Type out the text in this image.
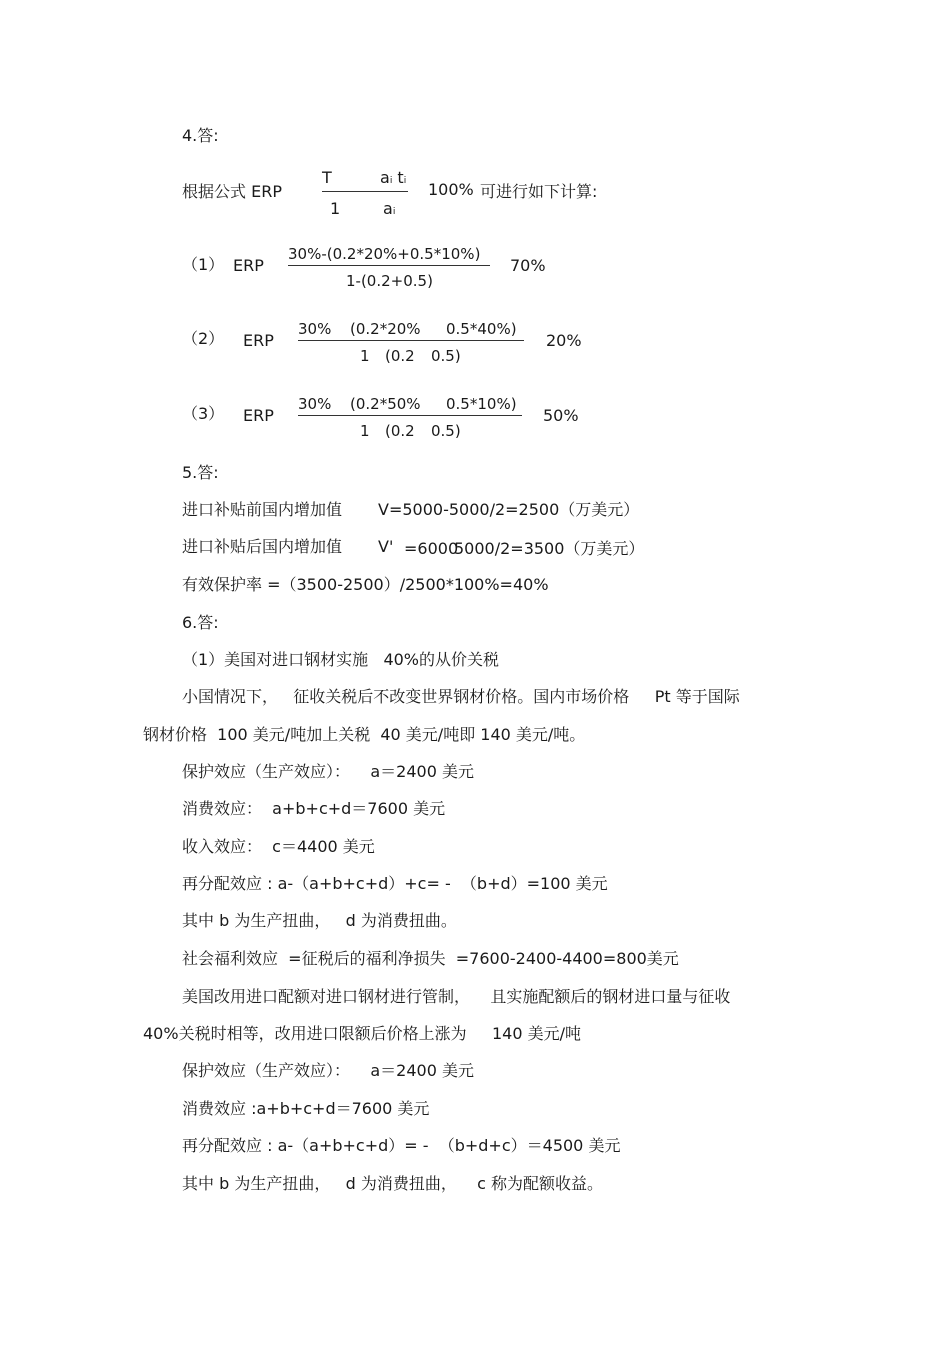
4.答:
根据公式 ERP
T	ai ti
1	ai
100% 可进行如下计算:
（1） ERP
30%-(0.2*20%+0.5*10%)
1-(0.2+0.5)
70%
（2） ERP
30% (0.2*20% 0.5*40%)
1 (0.2 0.5)
20%
（3） ERP
30% (0.2*50% 0.5*10%)
1 (0.2 0.5)
50%
5.答:
进口补贴前国内增加值 V=5000-5000/2=2500（万美元）
进口补贴后国内增加值 V' =6000
5000/2=3500（万美元）
有效保护率 =（3500-2500）/2500*100%=40%
6.答:
（1）美国对进口钢材实施   40%的从价关税
小国情况下，   征收关税后不改变世界钢材价格。国内市场价格     Pt 等于国际
钢材价格  100 美元/吨加上关税  40 美元/吨即 140 美元/吨。
保护效应（生产效应）：    a＝2400 美元
消费效应：  a+b+c+d＝7600 美元
收入效应：  c＝4400 美元
再分配效应 : a-（a+b+c+d）+c= -  （b+d）=100 美元
其中 b 为生产扭曲，   d 为消费扭曲。
社会福利效应  =征税后的福利净损失  =7600-2400-4400=800美元
美国改用进口配额对进口钢材进行管制，    且实施配额后的钢材进口量与征收
40%关税时相等，改用进口限额后价格上涨为     140 美元/吨
保护效应（生产效应）：    a＝2400 美元
消费效应 :a+b+c+d＝7600 美元
再分配效应 : a-（a+b+c+d）= -  （b+d+c）＝4500 美元
其中 b 为生产扭曲，   d 为消费扭曲，    c 称为配额收益。
